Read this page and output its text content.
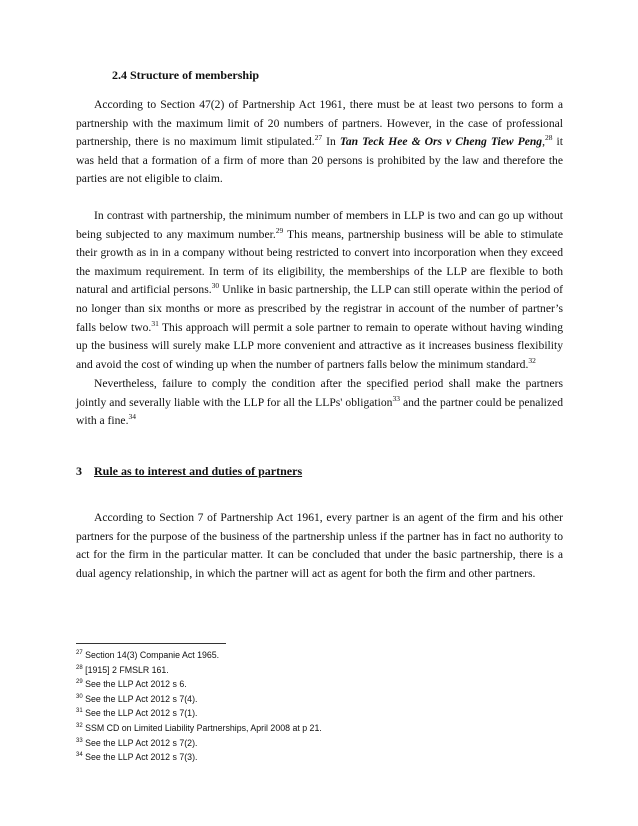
2.4 Structure of membership

According to Section 47(2) of Partnership Act 1961, there must be at least two persons to form a partnership with the maximum limit of 20 numbers of partners. However, in the case of professional partnership, there is no maximum limit stipulated.$^{27}$ In Tan Teck Hee & Ors v Cheng Tiew Peng,$^{28}$ it was held that a formation of a firm of more than 20 persons is prohibited by the law and therefore the parties are not eligible to claim.

In contrast with partnership, the minimum number of members in LLP is two and can go up without being subjected to any maximum number.$^{29}$ This means, partnership business will be able to stimulate their growth as in in a company without being restricted to convert into incorporation when they exceed the maximum requirement. In term of its eligibility, the memberships of the LLP are flexible to both natural and artificial persons.$^{30}$ Unlike in basic partnership, the LLP can still operate within the period of no longer than six months or more as prescribed by the registrar in account of the number of partner’s falls below two.$^{31}$ This approach will permit a sole partner to remain to operate without having winding up the business will surely make LLP more convenient and attractive as it increases business flexibility and avoid the cost of winding up when the number of partners falls below the minimum standard.$^{32}$

Nevertheless, failure to comply the condition after the specified period shall make the partners jointly and severally liable with the LLP for all the LLPs' obligation$^{33}$ and the partner could be penalized with a fine.$^{34}$

3 Rule as to interest and duties of partners

According to Section 7 of Partnership Act 1961, every partner is an agent of the firm and his other partners for the purpose of the business of the partnership unless if the partner has in fact no authority to act for the firm in the particular matter. It can be concluded that under the basic partnership, there is a dual agency relationship, in which the partner will act as agent for both the firm and other partners.

$^{27}$ Section 14(3) Companie Act 1965.
$^{28}$ [1915] 2 FMSLR 161.
$^{29}$ See the LLP Act 2012 s 6.
$^{30}$ See the LLP Act 2012 s 7(4).
$^{31}$ See the LLP Act 2012 s 7(1).
$^{32}$ SSM CD on Limited Liability Partnerships, April 2008 at p 21.
$^{33}$ See the LLP Act 2012 s 7(2).
$^{34}$ See the LLP Act 2012 s 7(3).
